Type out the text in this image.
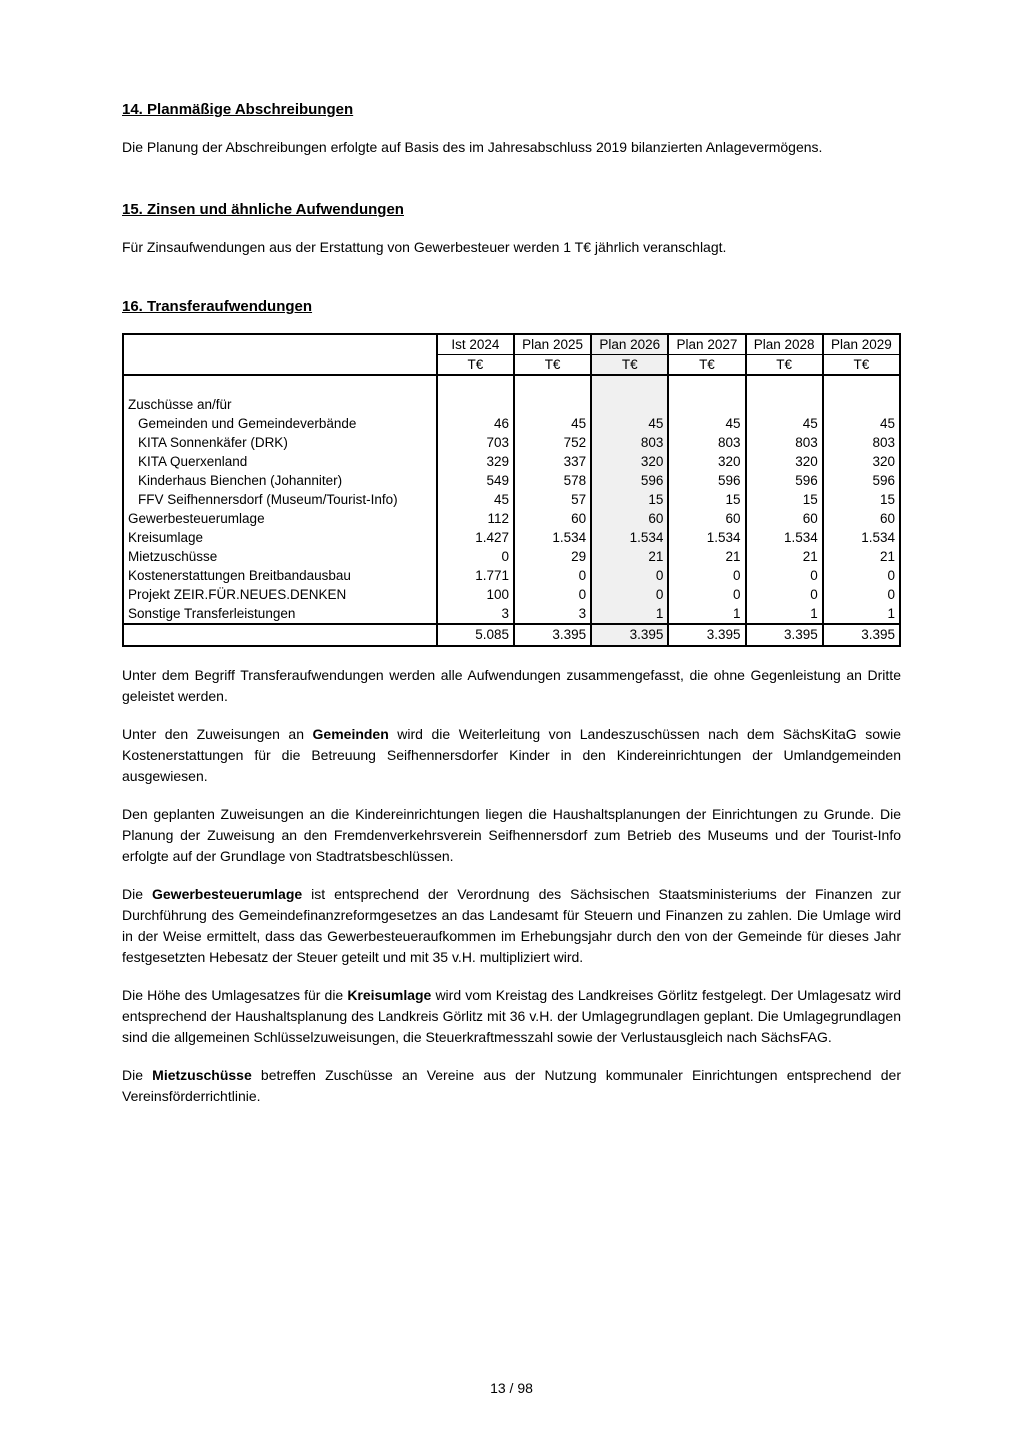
14. Planmäßige Abschreibungen

Die Planung der Abschreibungen erfolgte auf Basis des im Jahresabschluss 2019 bilanzierten Anlagevermögens.

15. Zinsen und ähnliche Aufwendungen

Für Zinsaufwendungen aus der Erstattung von Gewerbesteuer werden 1 T€ jährlich veranschlagt.

16. Transferaufwendungen
	Ist 2024	Plan 2025	Plan 2026	Plan 2027	Plan 2028	Plan 2029
	T€	T€	T€	T€	T€	T€

Zuschüsse an/für						
Gemeinden und Gemeindeverbände	46	45	45	45	45	45
KITA Sonnenkäfer (DRK)	703	752	803	803	803	803
KITA Querxenland	329	337	320	320	320	320
Kinderhaus Bienchen (Johanniter)	549	578	596	596	596	596
FFV Seifhennersdorf (Museum/Tourist-Info)	45	57	15	15	15	15
Gewerbesteuerumlage	112	60	60	60	60	60
Kreisumlage	1.427	1.534	1.534	1.534	1.534	1.534
Mietzuschüsse	0	29	21	21	21	21
Kostenerstattungen Breitbandausbau	1.771	0	0	0	0	0
Projekt ZEIR.FÜR.NEUES.DENKEN	100	0	0	0	0	0
Sonstige Transferleistungen	3	3	1	1	1	1
	5.085	3.395	3.395	3.395	3.395	3.395

Unter dem Begriff Transferaufwendungen werden alle Aufwendungen zusammengefasst, die ohne Gegenleistung an Dritte geleistet werden.

Unter den Zuweisungen an Gemeinden wird die Weiterleitung von Landeszuschüssen nach dem SächsKitaG sowie Kostenerstattungen für die Betreuung Seifhennersdorfer Kinder in den Kindereinrichtungen der Umlandgemeinden ausgewiesen.

Den geplanten Zuweisungen an die Kindereinrichtungen liegen die Haushaltsplanungen der Einrichtungen zu Grunde. Die Planung der Zuweisung an den Fremdenverkehrsverein Seifhennersdorf zum Betrieb des Museums und der Tourist-Info erfolgte auf der Grundlage von Stadtratsbeschlüssen.

Die Gewerbesteuerumlage ist entsprechend der Verordnung des Sächsischen Staatsministeriums der Finanzen zur Durchführung des Gemeindefinanzreformgesetzes an das Landesamt für Steuern und Finanzen zu zahlen. Die Umlage wird in der Weise ermittelt, dass das Gewerbesteueraufkommen im Erhebungsjahr durch den von der Gemeinde für dieses Jahr festgesetzten Hebesatz der Steuer geteilt und mit 35 v.H. multipliziert wird.

Die Höhe des Umlagesatzes für die Kreisumlage wird vom Kreistag des Landkreises Görlitz festgelegt. Der Umlagesatz wird entsprechend der Haushaltsplanung des Landkreis Görlitz mit 36 v.H. der Umlagegrundlagen geplant. Die Umlagegrundlagen sind die allgemeinen Schlüsselzuweisungen, die Steuerkraftmesszahl sowie der Verlustausgleich nach SächsFAG.

Die Mietzuschüsse betreffen Zuschüsse an Vereine aus der Nutzung kommunaler Einrichtungen entsprechend der Vereinsförderrichtlinie.

13 / 98
